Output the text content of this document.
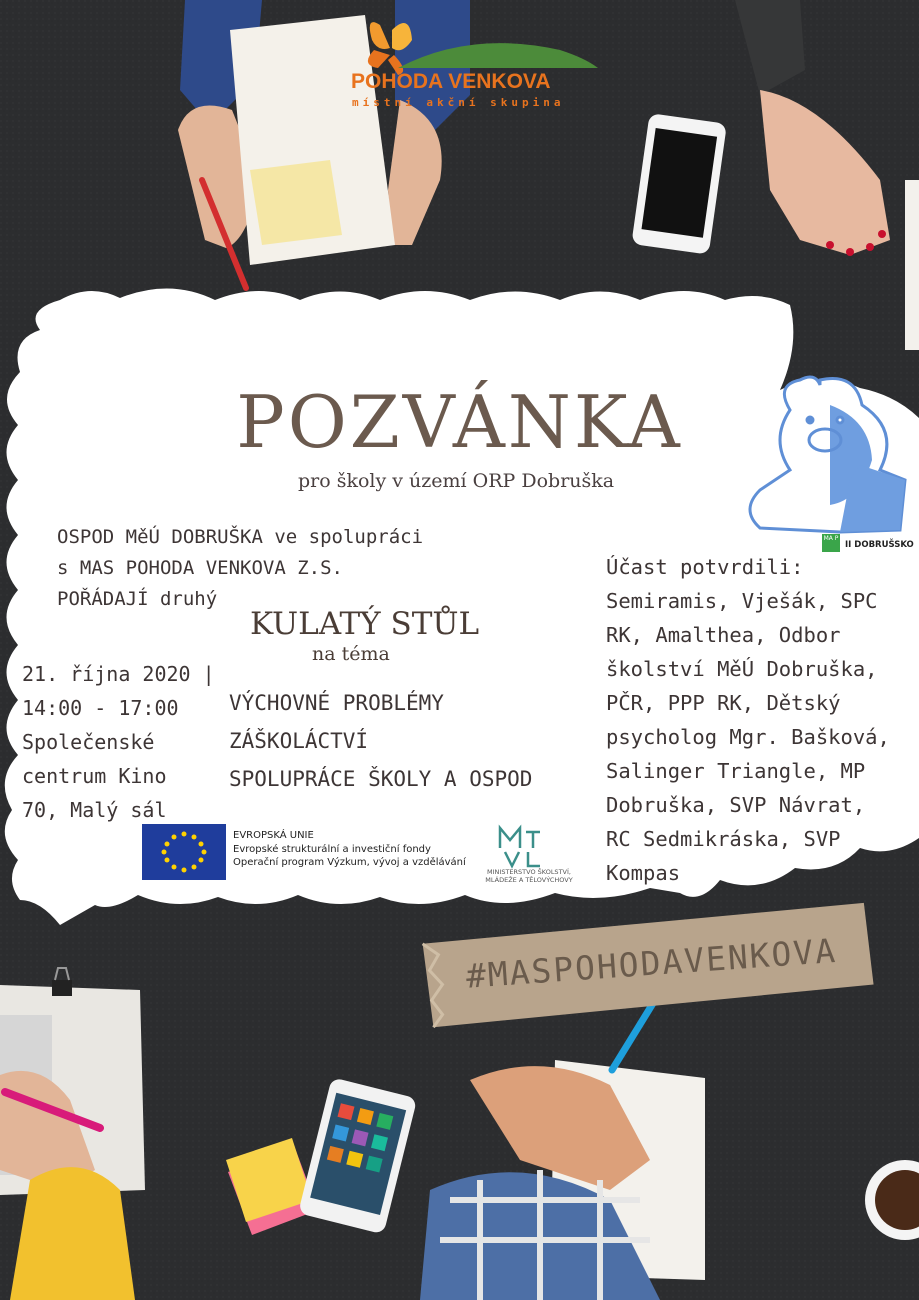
POHODA VENKOVA
místní akční skupina
POZVÁNKA
pro školy v území ORP Dobruška
OSPOD MěÚ DOBRUŠKA ve spolupráci
s MAS POHODA VENKOVA Z.S.
POŘÁDAJÍ druhý
KULATÝ STŮL
na téma
21. října 2020 |
14:00 - 17:00
Společenské
centrum Kino
70, Malý sál
VÝCHOVNÉ PROBLÉMY
ZÁŠKOLÁCTVÍ
SPOLUPRÁCE ŠKOLY A OSPOD
Účast potvrdili:
Semiramis, Vješák, SPC
RK, Amalthea, Odbor
školství MěÚ Dobruška,
PČR, PPP RK, Dětský
psycholog Mgr. Bašková,
Salinger Triangle, MP
Dobruška, SVP Návrat,
RC Sedmikráska, SVP
Kompas
EVROPSKÁ UNIE
Evropské strukturální a investiční fondy
Operační program Výzkum, vývoj a vzdělávání
MINISTERSTVO ŠKOLSTVÍ,
MLÁDEŽE A TĚLOVÝCHOVY
MA P
II DOBRUŠSKO
#MASPOHODAVENKOVA
